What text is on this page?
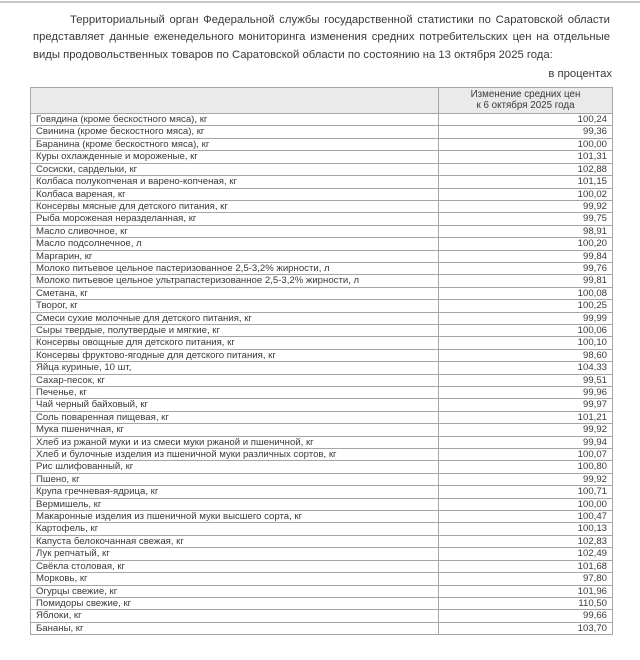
Территориальный орган Федеральной службы государственной статистики по Саратовской области представляет данные еженедельного мониторинга изменения средних потребительских цен на отдельные виды продовольственных товаров по Саратовской области по состоянию на 13 октября 2025 года:

в процентах

	Изменение средних цен
к 6 октября 2025 года

Говядина (кроме бескостного мяса), кг	100,24
Свинина (кроме бескостного мяса), кг	99,36
Баранина (кроме бескостного мяса), кг	100,00
Куры охлажденные и мороженые, кг	101,31
Сосиски, сардельки, кг	102,88
Колбаса полукопченая и варено-копченая, кг	101,15
Колбаса вареная, кг	100,02
Консервы мясные для детского питания, кг	99,92
Рыба мороженая неразделанная, кг	99,75
Масло сливочное, кг	98,91
Масло подсолнечное, л	100,20
Маргарин, кг	99,84
Молоко питьевое цельное пастеризованное 2,5-3,2% жирности, л	99,76
Молоко питьевое цельное ультрапастеризованное 2,5-3,2% жирности, л	99,81
Сметана, кг	100,08
Творог, кг	100,25
Смеси сухие молочные для детского питания, кг	99,99
Сыры твердые, полутвердые и мягкие, кг	100,06
Консервы овощные для детского питания, кг	100,10
Консервы фруктово-ягодные для детского питания, кг	98,60
Яйца куриные, 10 шт,	104,33
Сахар-песок, кг	99,51
Печенье, кг	99,96
Чай черный байховый, кг	99,97
Соль поваренная пищевая, кг	101,21
Мука пшеничная, кг	99,92
Хлеб из ржаной муки и из смеси муки ржаной и пшеничной, кг	99,94
Хлеб и булочные изделия из пшеничной муки различных сортов, кг	100,07
Рис шлифованный, кг	100,80
Пшено, кг	99,92
Крупа гречневая-ядрица, кг	100,71
Вермишель, кг	100,00
Макаронные изделия из пшеничной муки высшего сорта, кг	100,47
Картофель, кг	100,13
Капуста белокочанная свежая, кг	102,83
Лук репчатый, кг	102,49
Свёкла столовая, кг	101,68
Морковь, кг	97,80
Огурцы свежие, кг	101,96
Помидоры свежие, кг	110,50
Яблоки, кг	99,66
Бананы, кг	103,70
